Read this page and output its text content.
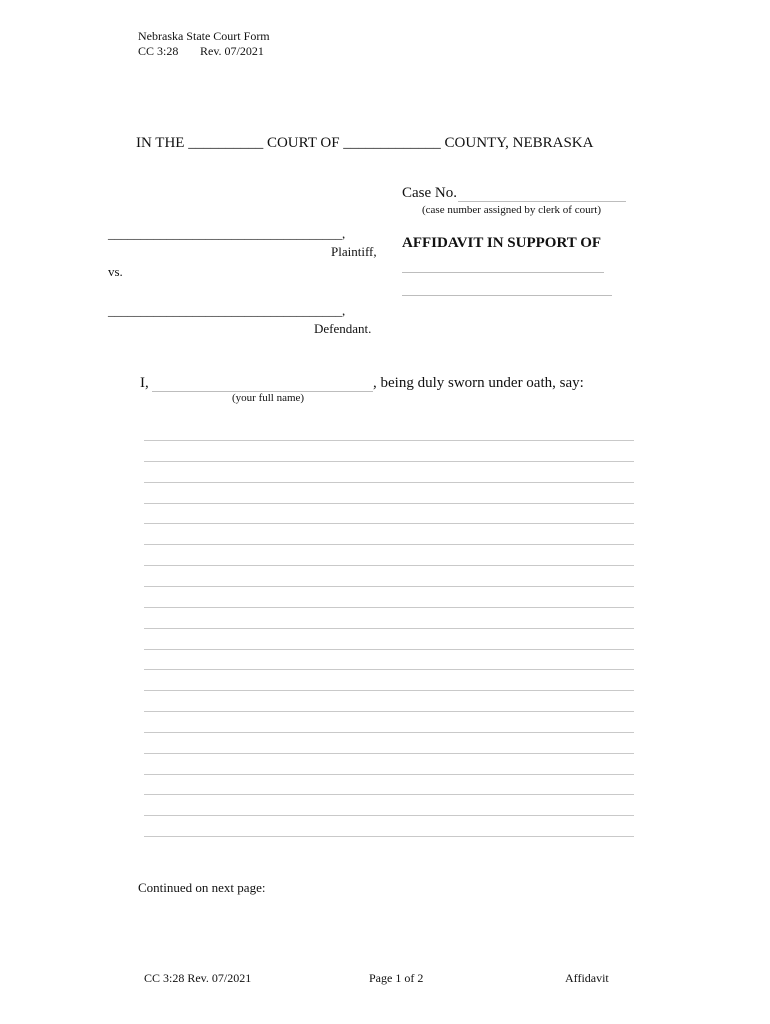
Nebraska State Court Form
CC 3:28 Rev. 07/2021
IN THE __________ COURT OF _____________ COUNTY, NEBRASKA
Case No.
(case number assigned by clerk of court)
____________________________________,
Plaintiff,
vs.
____________________________________,
Defendant.
AFFIDAVIT IN SUPPORT OF
I,	, being duly sworn under oath, say:
(your full name)
Continued on next page:
CC 3:28 Rev. 07/2021	Page 1 of 2	Affidavit
